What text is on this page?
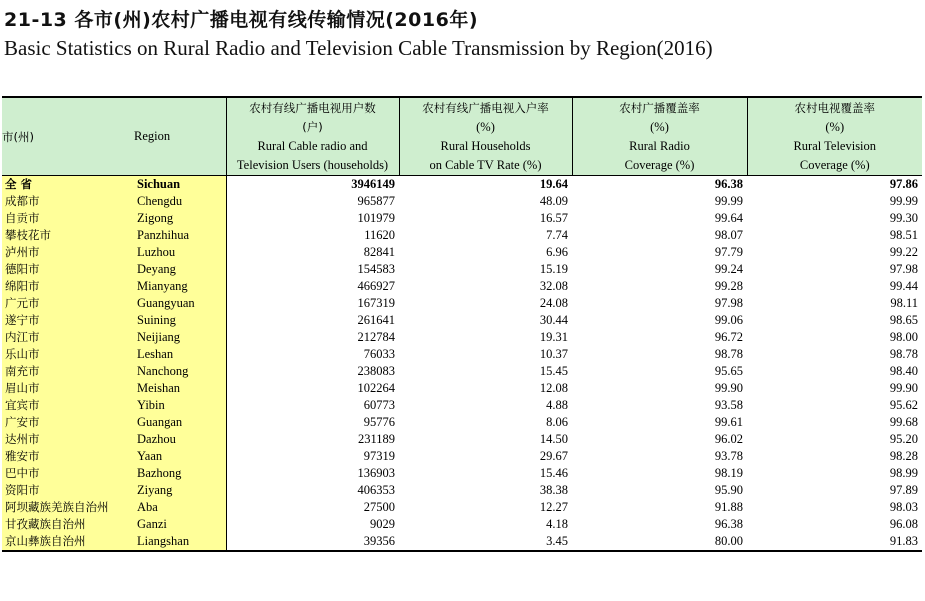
21-13 各市(州)农村广播电视有线传输情况(2016年)
Basic Statistics on Rural Radio and Television Cable Transmission by Region(2016)
市(州)	Region	农村有线广播电视用户数
(户)
Rural Cable radio and
Television Users (households)	农村有线广播电视入户率
(%)
Rural Households
on Cable TV Rate (%)	农村广播覆盖率
(%)
Rural Radio
Coverage (%)	农村电视覆盖率
(%)
Rural Television
Coverage (%)

全 省	Sichuan	3946149	19.64	96.38	97.86
成都市	Chengdu	965877	48.09	99.99	99.99
自贡市	Zigong	101979	16.57	99.64	99.30
攀枝花市	Panzhihua	11620	7.74	98.07	98.51
泸州市	Luzhou	82841	6.96	97.79	99.22
德阳市	Deyang	154583	15.19	99.24	97.98
绵阳市	Mianyang	466927	32.08	99.28	99.44
广元市	Guangyuan	167319	24.08	97.98	98.11
遂宁市	Suining	261641	30.44	99.06	98.65
内江市	Neijiang	212784	19.31	96.72	98.00
乐山市	Leshan	76033	10.37	98.78	98.78
南充市	Nanchong	238083	15.45	95.65	98.40
眉山市	Meishan	102264	12.08	99.90	99.90
宜宾市	Yibin	60773	4.88	93.58	95.62
广安市	Guangan	95776	8.06	99.61	99.68
达州市	Dazhou	231189	14.50	96.02	95.20
雅安市	Yaan	97319	29.67	93.78	98.28
巴中市	Bazhong	136903	15.46	98.19	98.99
资阳市	Ziyang	406353	38.38	95.90	97.89
阿坝藏族羌族自治州	Aba	27500	12.27	91.88	98.03
甘孜藏族自治州	Ganzi	9029	4.18	96.38	96.08
京山彝族自治州	Liangshan	39356	3.45	80.00	91.83
